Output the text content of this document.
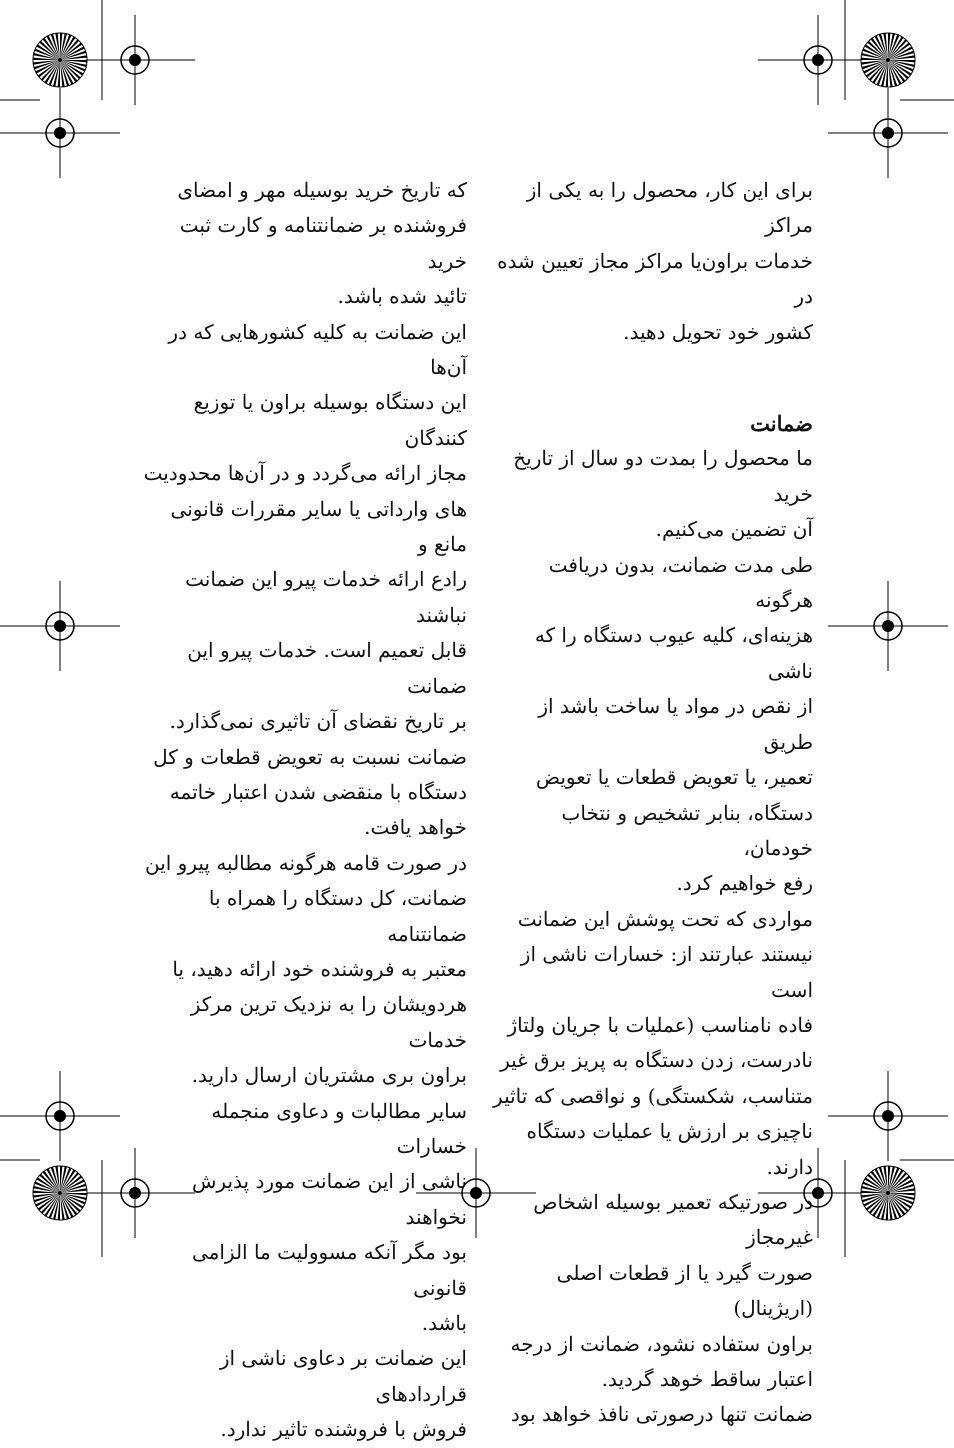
برای این کار، محصول را به یکی از مراکز
خدمات براون‌یا مراکز مجاز تعیین شده در
کشور خود تحویل دهید.

ضمانت

ما محصول را بمدت دو سال از تاریخ خرید
آن تضمین می‌کنیم.

طی مدت ضمانت، بدون دریافت هرگونه
هزینه‌ای، کلیه عیوب دستگاه را که ناشی
از نقص در مواد یا ساخت باشد از طریق
تعمیر، یا تعویض قطعات یا تعویض
دستگاه، بنابر تشخیص و نتخاب خودمان،
رفع خواهیم کرد.

مواردی که تحت پوشش این ضمانت
نیستند عبارتند از: خسارات ناشی از است
فاده نامناسب (عملیات با جریان ولتاژ
نادرست، زدن دستگاه به پریز برق غیر
متناسب، شکستگی) و نواقصی که تاثیر
ناچیزی بر ارزش یا عملیات دستگاه دارند.

در صورتیکه تعمیر بوسیله اشخاص غیرمجاز
صورت گیرد یا از قطعات اصلی (اریژینال)
براون ستفاده نشود، ضمانت از درجه
اعتبار ساقط خوهد گردید.

ضمانت تنها درصورتی نافذ خواهد بود

که تاریخ خرید بوسیله مهر و امضای
فروشنده بر ضمانتنامه و کارت ثبت خرید
تائید شده باشد.

این ضمانت به کلیه کشورهایی که در آن‌ها
این دستگاه بوسیله براون یا توزیع کنندگان
مجاز ارائه می‌گردد و در آن‌ها محدودیت
های وارداتی یا سایر مقررات قانونی مانع و
رادع ارائه خدمات پیرو این ضمانت نباشند
قابل تعمیم است. خدمات پیرو این ضمانت
بر تاریخ نقضای آن تاثیری نمی‌گذارد.

ضمانت نسبت به تعویض قطعات و کل
دستگاه با منقضی شدن اعتبار خاتمه
خواهد یافت.

در صورت قامه هرگونه مطالبه پیرو این
ضمانت، کل دستگاه را همراه با ضمانتنامه
معتبر به فروشنده خود ارائه دهید، یا
هردویشان را به نزدیک ترین مرکز خدمات
براون بری مشتریان ارسال دارید.

سایر مطالبات و دعاوی منجمله خسارات
ناشی از این ضمانت مورد پذیرش نخواهند
بود مگر آنکه مسوولیت ما الزامی قانونی
باشد.

این ضمانت بر دعاوی ناشی از قراردادهای
فروش با فروشنده تاثیر ندارد.
